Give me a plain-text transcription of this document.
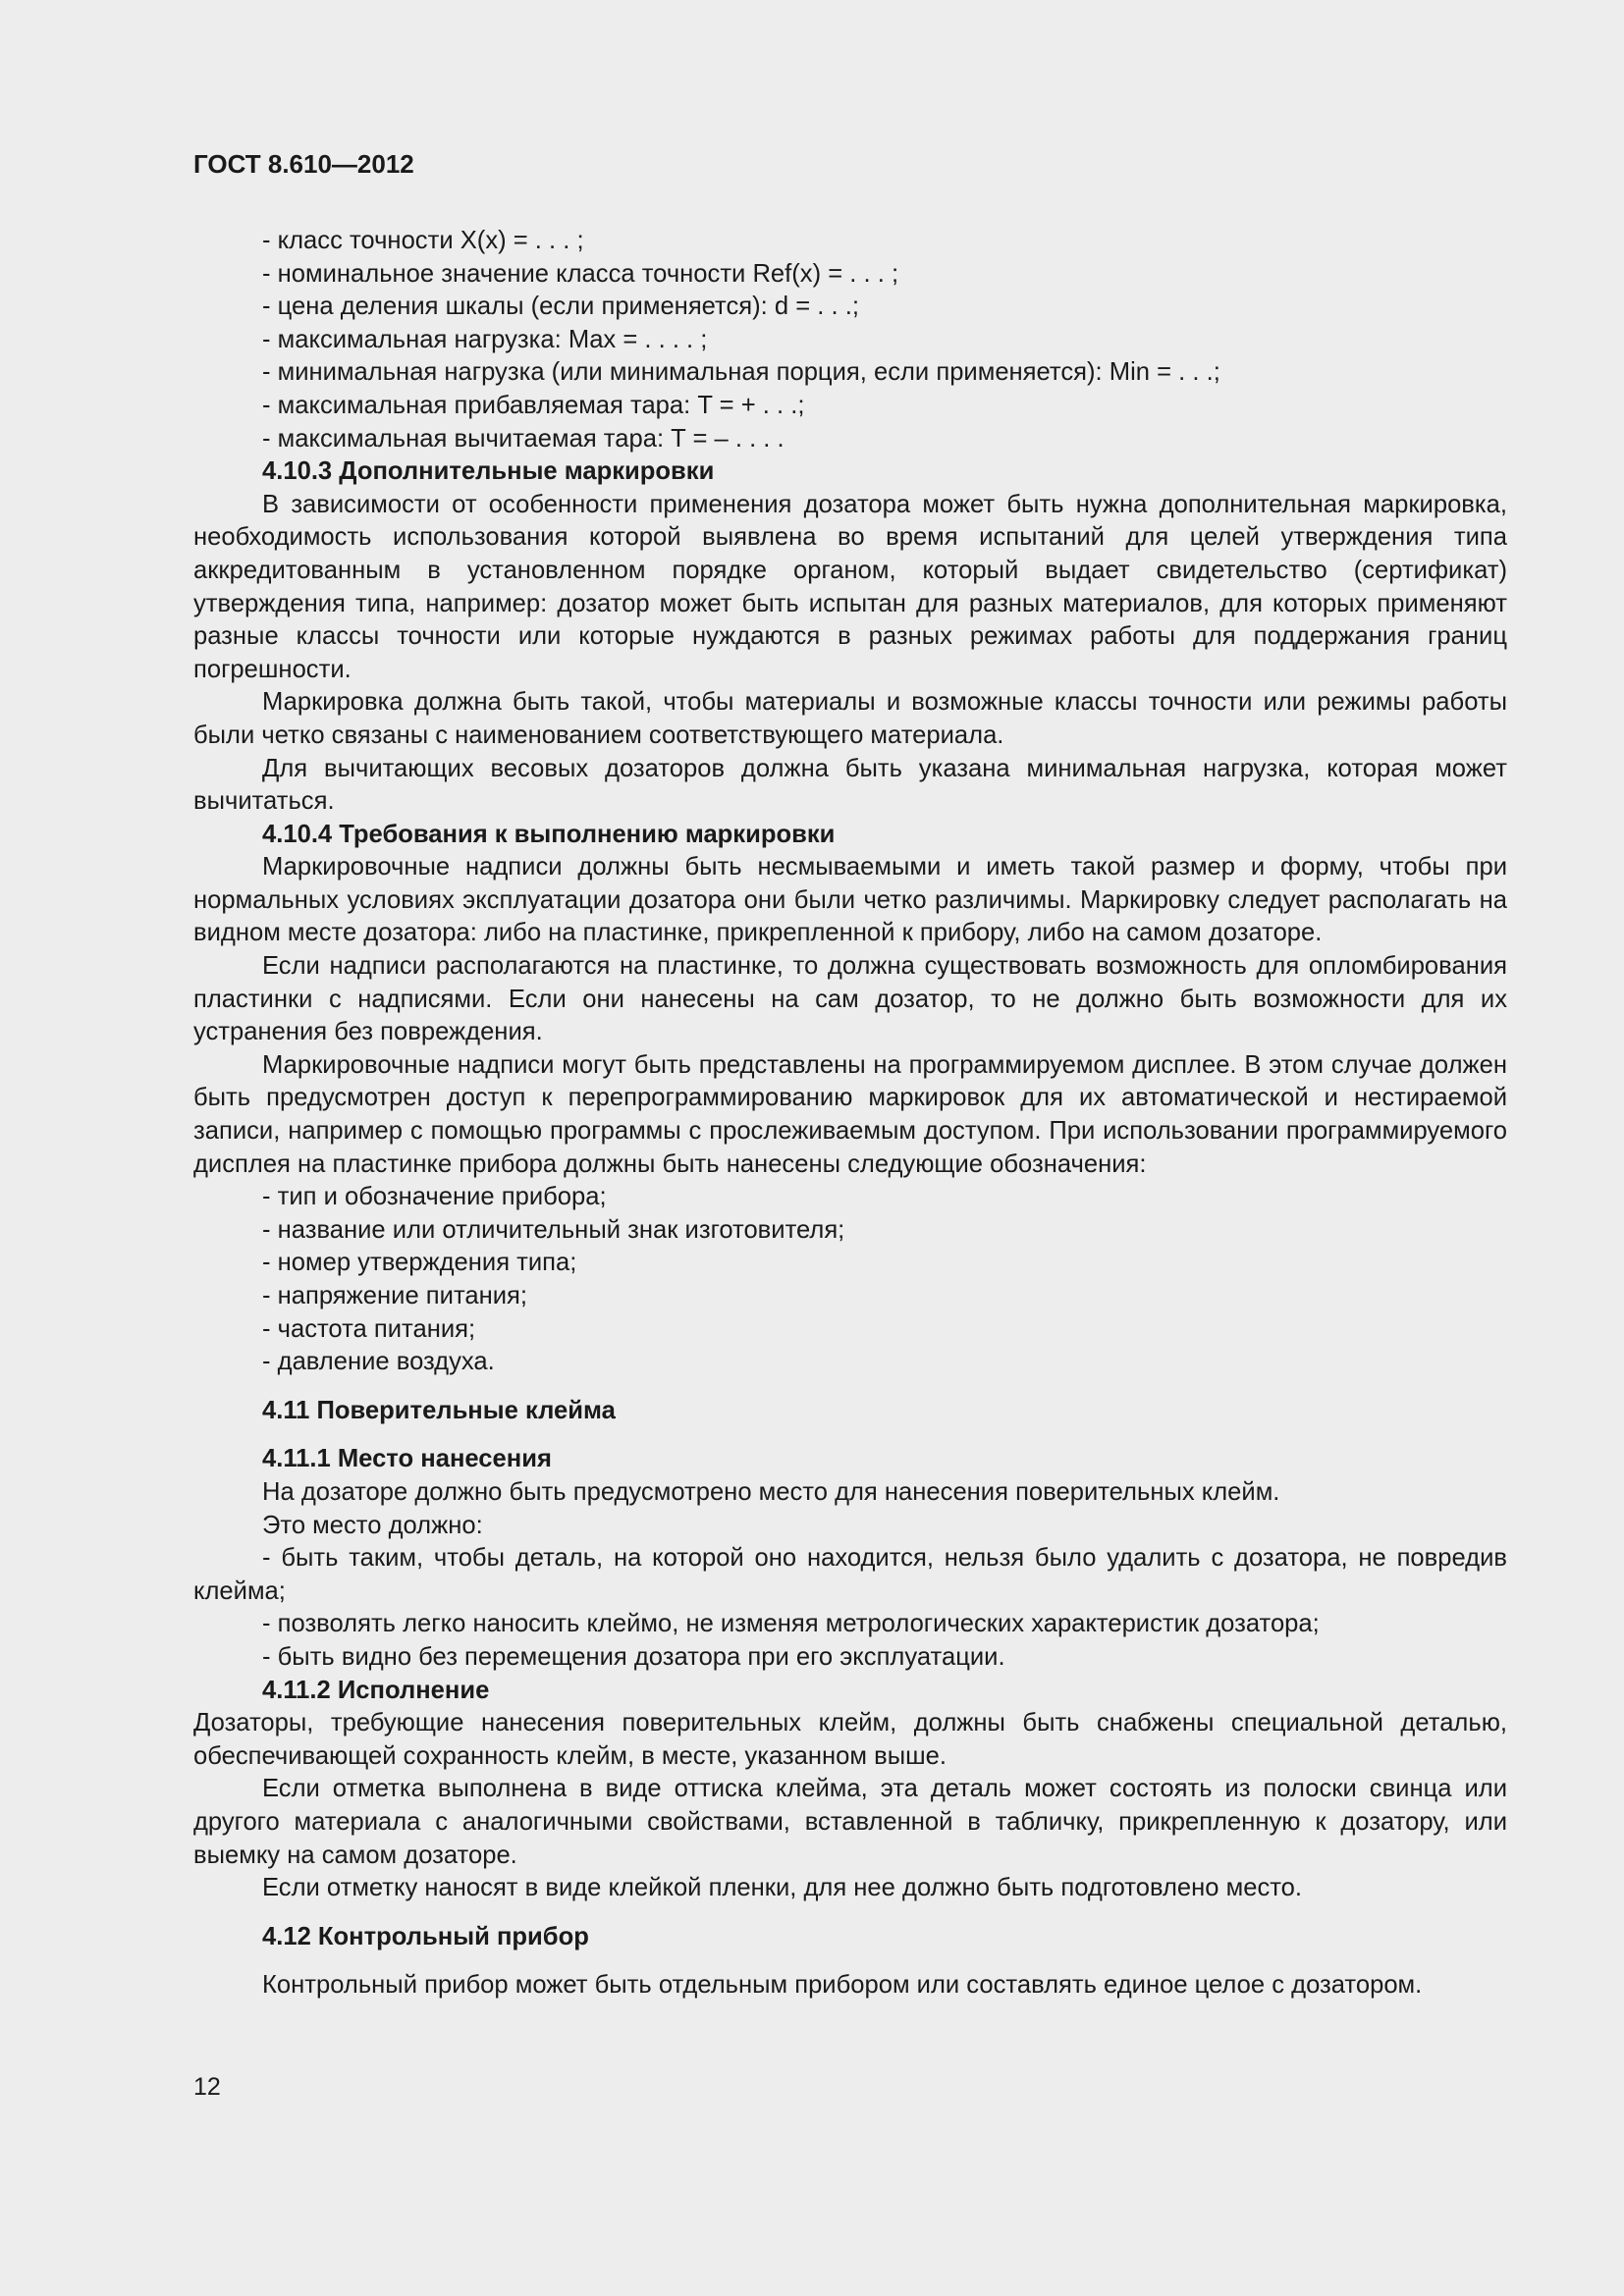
ГОСТ 8.610—2012

- класс точности X(x) = . . . ;

- номинальное значение класса точности Ref(x) = . . . ;

- цена деления шкалы (если применяется): d = . . .;

- максимальная нагрузка: Max = . . . . ;

- минимальная нагрузка (или минимальная порция, если применяется): Min = . . .;

- максимальная прибавляемая тара: T = + . . .;

- максимальная вычитаемая тара: T = – . . . .

4.10.3 Дополнительные маркировки

В зависимости от особенности применения дозатора может быть нужна дополнительная маркировка, необходимость использования которой выявлена во время испытаний для целей утверждения типа аккредитованным в установленном порядке органом, который выдает свидетельство (сертификат) утверждения типа, например: дозатор может быть испытан для разных материалов, для которых применяют разные классы точности или которые нуждаются в разных режимах работы для поддержания границ погрешности.

Маркировка должна быть такой, чтобы материалы и возможные классы точности или режимы работы были четко связаны с наименованием соответствующего материала.

Для вычитающих весовых дозаторов должна быть указана минимальная нагрузка, которая может вычитаться.

4.10.4 Требования к выполнению маркировки

Маркировочные надписи должны быть несмываемыми и иметь такой размер и форму, чтобы при нормальных условиях эксплуатации дозатора они были четко различимы. Маркировку следует располагать на видном месте дозатора: либо на пластинке, прикрепленной к прибору, либо на самом дозаторе.

Если надписи располагаются на пластинке, то должна существовать возможность для опломбирования пластинки с надписями. Если они нанесены на сам дозатор, то не должно быть возможности для их устранения без повреждения.

Маркировочные надписи могут быть представлены на программируемом дисплее. В этом случае должен быть предусмотрен доступ к перепрограммированию маркировок для их автоматической и нестираемой записи, например с помощью программы с прослеживаемым доступом. При использовании программируемого дисплея на пластинке прибора должны быть нанесены следующие обозначения:

- тип и обозначение прибора;

- название или отличительный знак изготовителя;

- номер утверждения типа;

- напряжение питания;

- частота питания;

- давление воздуха.

4.11 Поверительные клейма

4.11.1 Место нанесения

На дозаторе должно быть предусмотрено место для нанесения поверительных клейм.

Это место должно:

- быть таким, чтобы деталь, на которой оно находится, нельзя было удалить с дозатора, не повредив клейма;

- позволять легко наносить клеймо, не изменяя метрологических характеристик дозатора;

- быть видно без перемещения дозатора при его эксплуатации.

4.11.2 Исполнение

Дозаторы, требующие нанесения поверительных клейм, должны быть снабжены специальной деталью, обеспечивающей сохранность клейм, в месте, указанном выше.

Если отметка выполнена в виде оттиска клейма, эта деталь может состоять из полоски свинца или другого материала с аналогичными свойствами, вставленной в табличку, прикрепленную к дозатору, или выемку на самом дозаторе.

Если отметку наносят в виде клейкой пленки, для нее должно быть подготовлено место.

4.12 Контрольный прибор

Контрольный прибор может быть отдельным прибором или составлять единое целое с дозатором.

12
